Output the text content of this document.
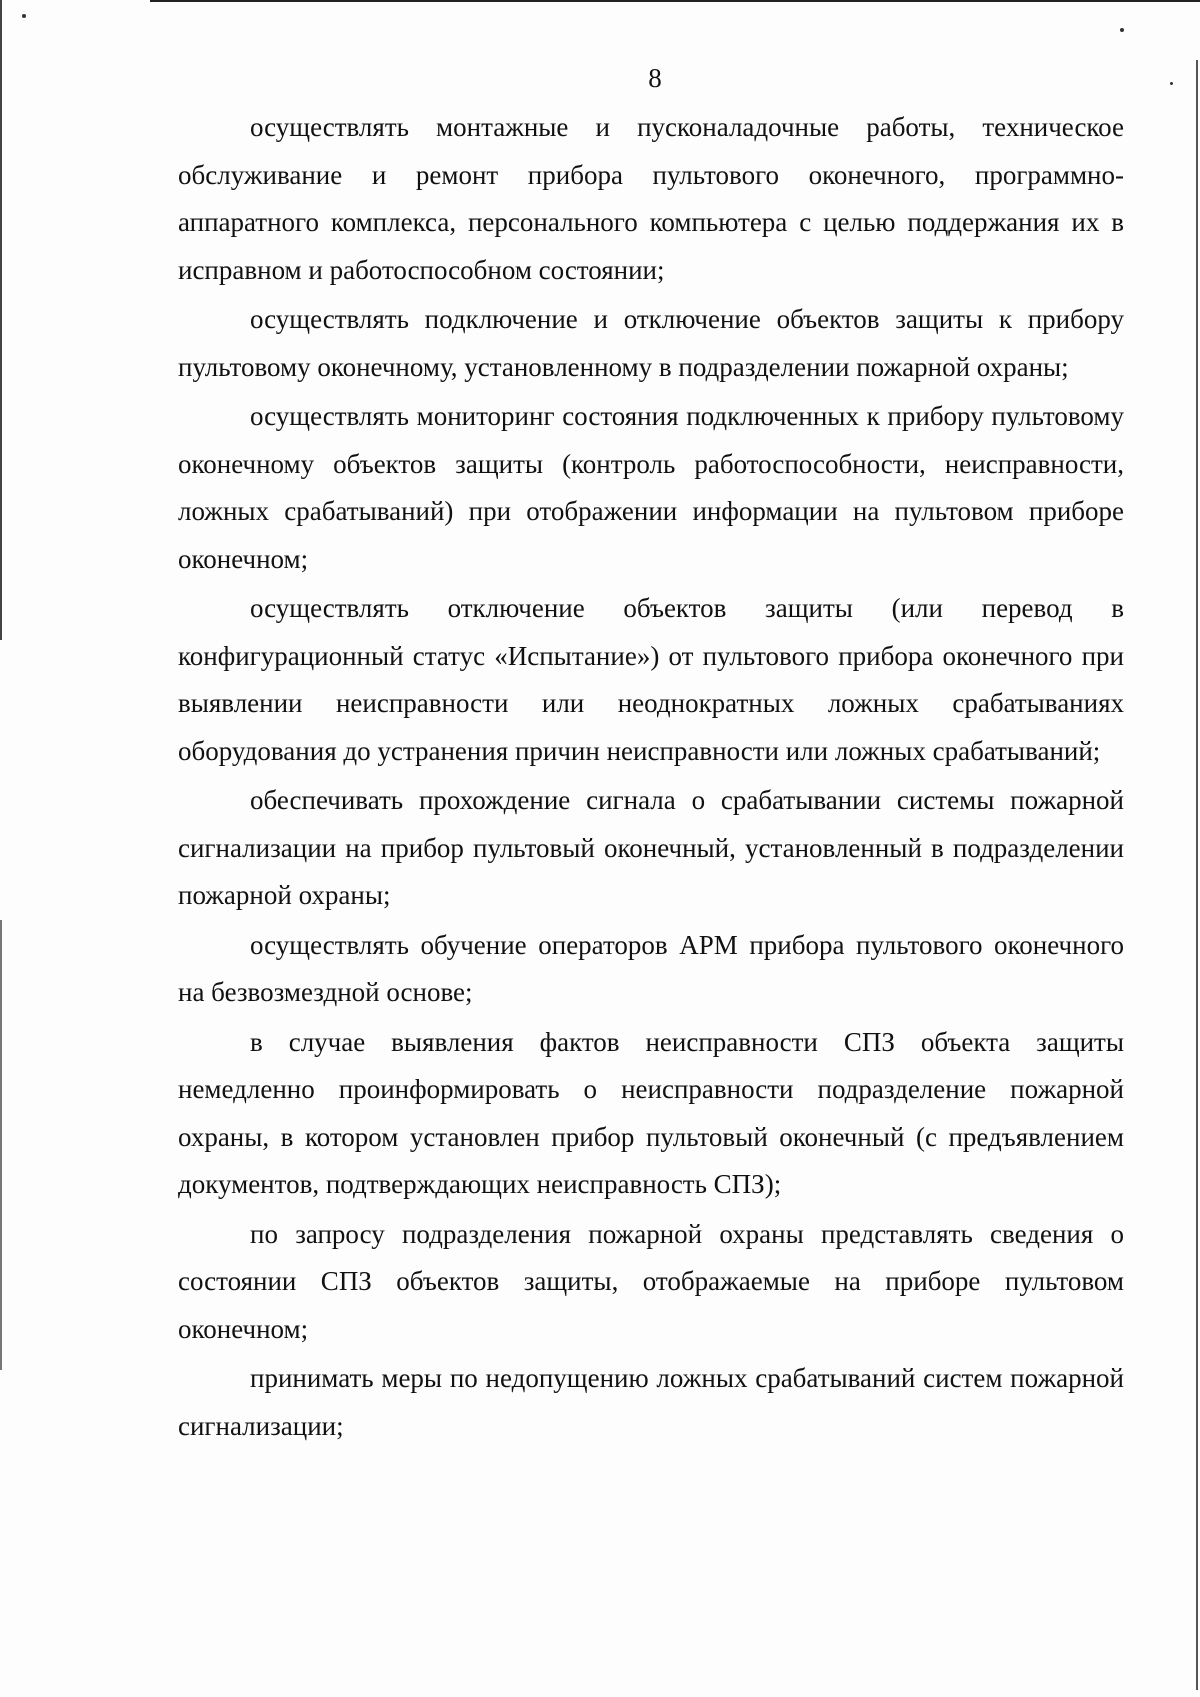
8

осуществлять монтажные и пусконаладочные работы, техническое обслуживание и ремонт прибора пультового оконечного, программно-аппаратного комплекса, персонального компьютера с целью поддержания их в исправном и работоспособном состоянии;

осуществлять подключение и отключение объектов защиты к прибору пультовому оконечному, установленному в подразделении пожарной охраны;

осуществлять мониторинг состояния подключенных к прибору пультовому оконечному объектов защиты (контроль работоспособности, неисправности, ложных срабатываний) при отображении информации на пультовом приборе оконечном;

осуществлять отключение объектов защиты (или перевод в конфигурационный статус «Испытание») от пультового прибора оконечного при выявлении неисправности или неоднократных ложных срабатываниях оборудования до устранения причин неисправности или ложных срабатываний;

обеспечивать прохождение сигнала о срабатывании системы пожарной сигнализации на прибор пультовый оконечный, установленный в подразделении пожарной охраны;

осуществлять обучение операторов АРМ прибора пультового оконечного на безвозмездной основе;

в случае выявления фактов неисправности СПЗ объекта защиты немедленно проинформировать о неисправности подразделение пожарной охраны, в котором установлен прибор пультовый оконечный (с предъявлением документов, подтверждающих неисправность СПЗ);

по запросу подразделения пожарной охраны представлять сведения о состоянии СПЗ объектов защиты, отображаемые на приборе пультовом оконечном;

принимать меры по недопущению ложных срабатываний систем пожарной сигнализации;
